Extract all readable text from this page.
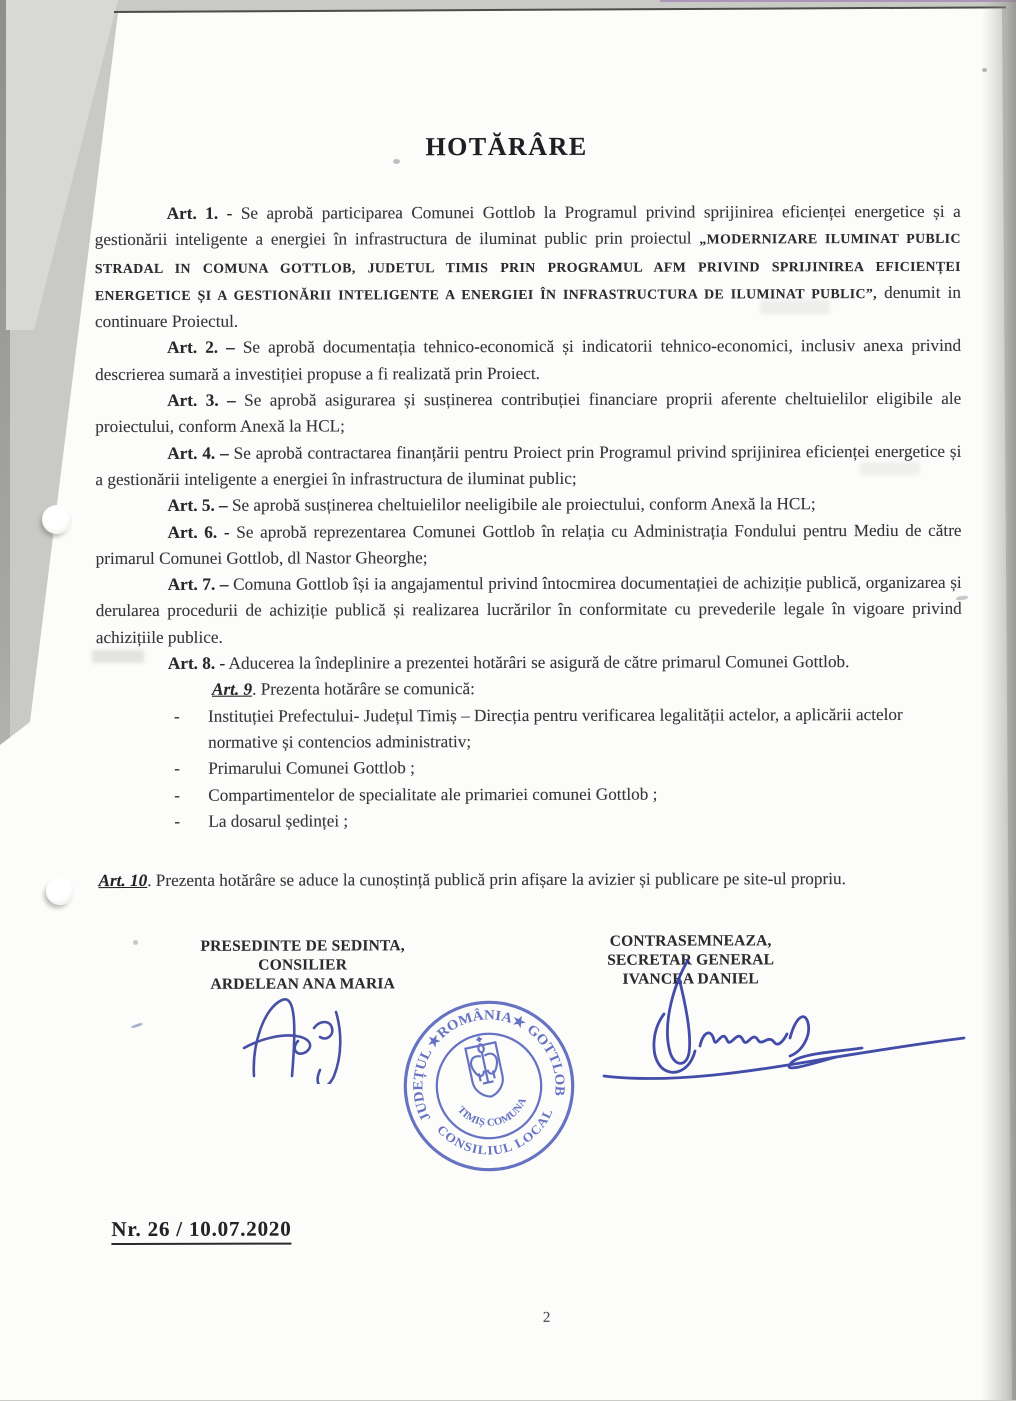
HOTĂRÂRE

Art. 1. - Se aprobă participarea Comunei Gottlob la Programul privind sprijinirea eficienței energetice și a gestionării inteligente a energiei în infrastructura de iluminat public prin proiectul „MODERNIZARE ILUMINAT PUBLIC STRADAL IN COMUNA GOTTLOB, JUDETUL TIMIS PRIN PROGRAMUL AFM PRIVIND SPRIJINIREA EFICIENȚEI ENERGETICE ȘI A GESTIONĂRII INTELIGENTE A ENERGIEI ÎN INFRASTRUCTURA DE ILUMINAT PUBLIC”, denumit in continuare Proiectul.

Art. 2. – Se aprobă documentația tehnico-economică și indicatorii tehnico-economici, inclusiv anexa privind descrierea sumară a investiției propuse a fi realizată prin Proiect.

Art. 3. – Se aprobă asigurarea și susținerea contribuției financiare proprii aferente cheltuielilor eligibile ale proiectului, conform Anexă la HCL;

Art. 4. – Se aprobă contractarea finanțării pentru Proiect prin Programul privind sprijinirea eficienței energetice și a gestionării inteligente a energiei în infrastructura de iluminat public;

Art. 5. – Se aprobă susținerea cheltuielilor neeligibile ale proiectului, conform Anexă la HCL;

Art. 6. - Se aprobă reprezentarea Comunei Gottlob în relația cu Administrația Fondului pentru Mediu de către primarul Comunei Gottlob, dl Nastor Gheorghe;

Art. 7. – Comuna Gottlob își ia angajamentul privind întocmirea documentației de achiziție publică, organizarea și derularea procedurii de achiziție publică și realizarea lucrărilor în conformitate cu prevederile legale în vigoare privind achizițiile publice.

Art. 8. - Aducerea la îndeplinire a prezentei hotărâri se asigură de către primarul Comunei Gottlob.

Art. 9. Prezenta hotărâre se comunică:

-	Instituției Prefectului- Județul Timiș – Direcția pentru verificarea legalității actelor, a aplicării actelor normative și contencios administrativ;
-	Primarului Comunei Gottlob ;
-	Compartimentelor de specialitate ale primariei comunei Gottlob ;
-	La dosarul ședinței ;

Art. 10. Prezenta hotărâre se aduce la cunoștință publică prin afișare la avizier și publicare pe site-ul propriu.

PRESEDINTE DE SEDINTA,
CONSILIER
ARDELEAN ANA MARIA
CONTRASEMNEAZA,
SECRETAR GENERAL
IVANCEA DANIEL
Nr. 26 / 10.07.2020
2
JUDEȚUL ★ROMÂNIA★ GOTTLOB
CONSILIUL LOCAL
TIMIȘ COMUNA
